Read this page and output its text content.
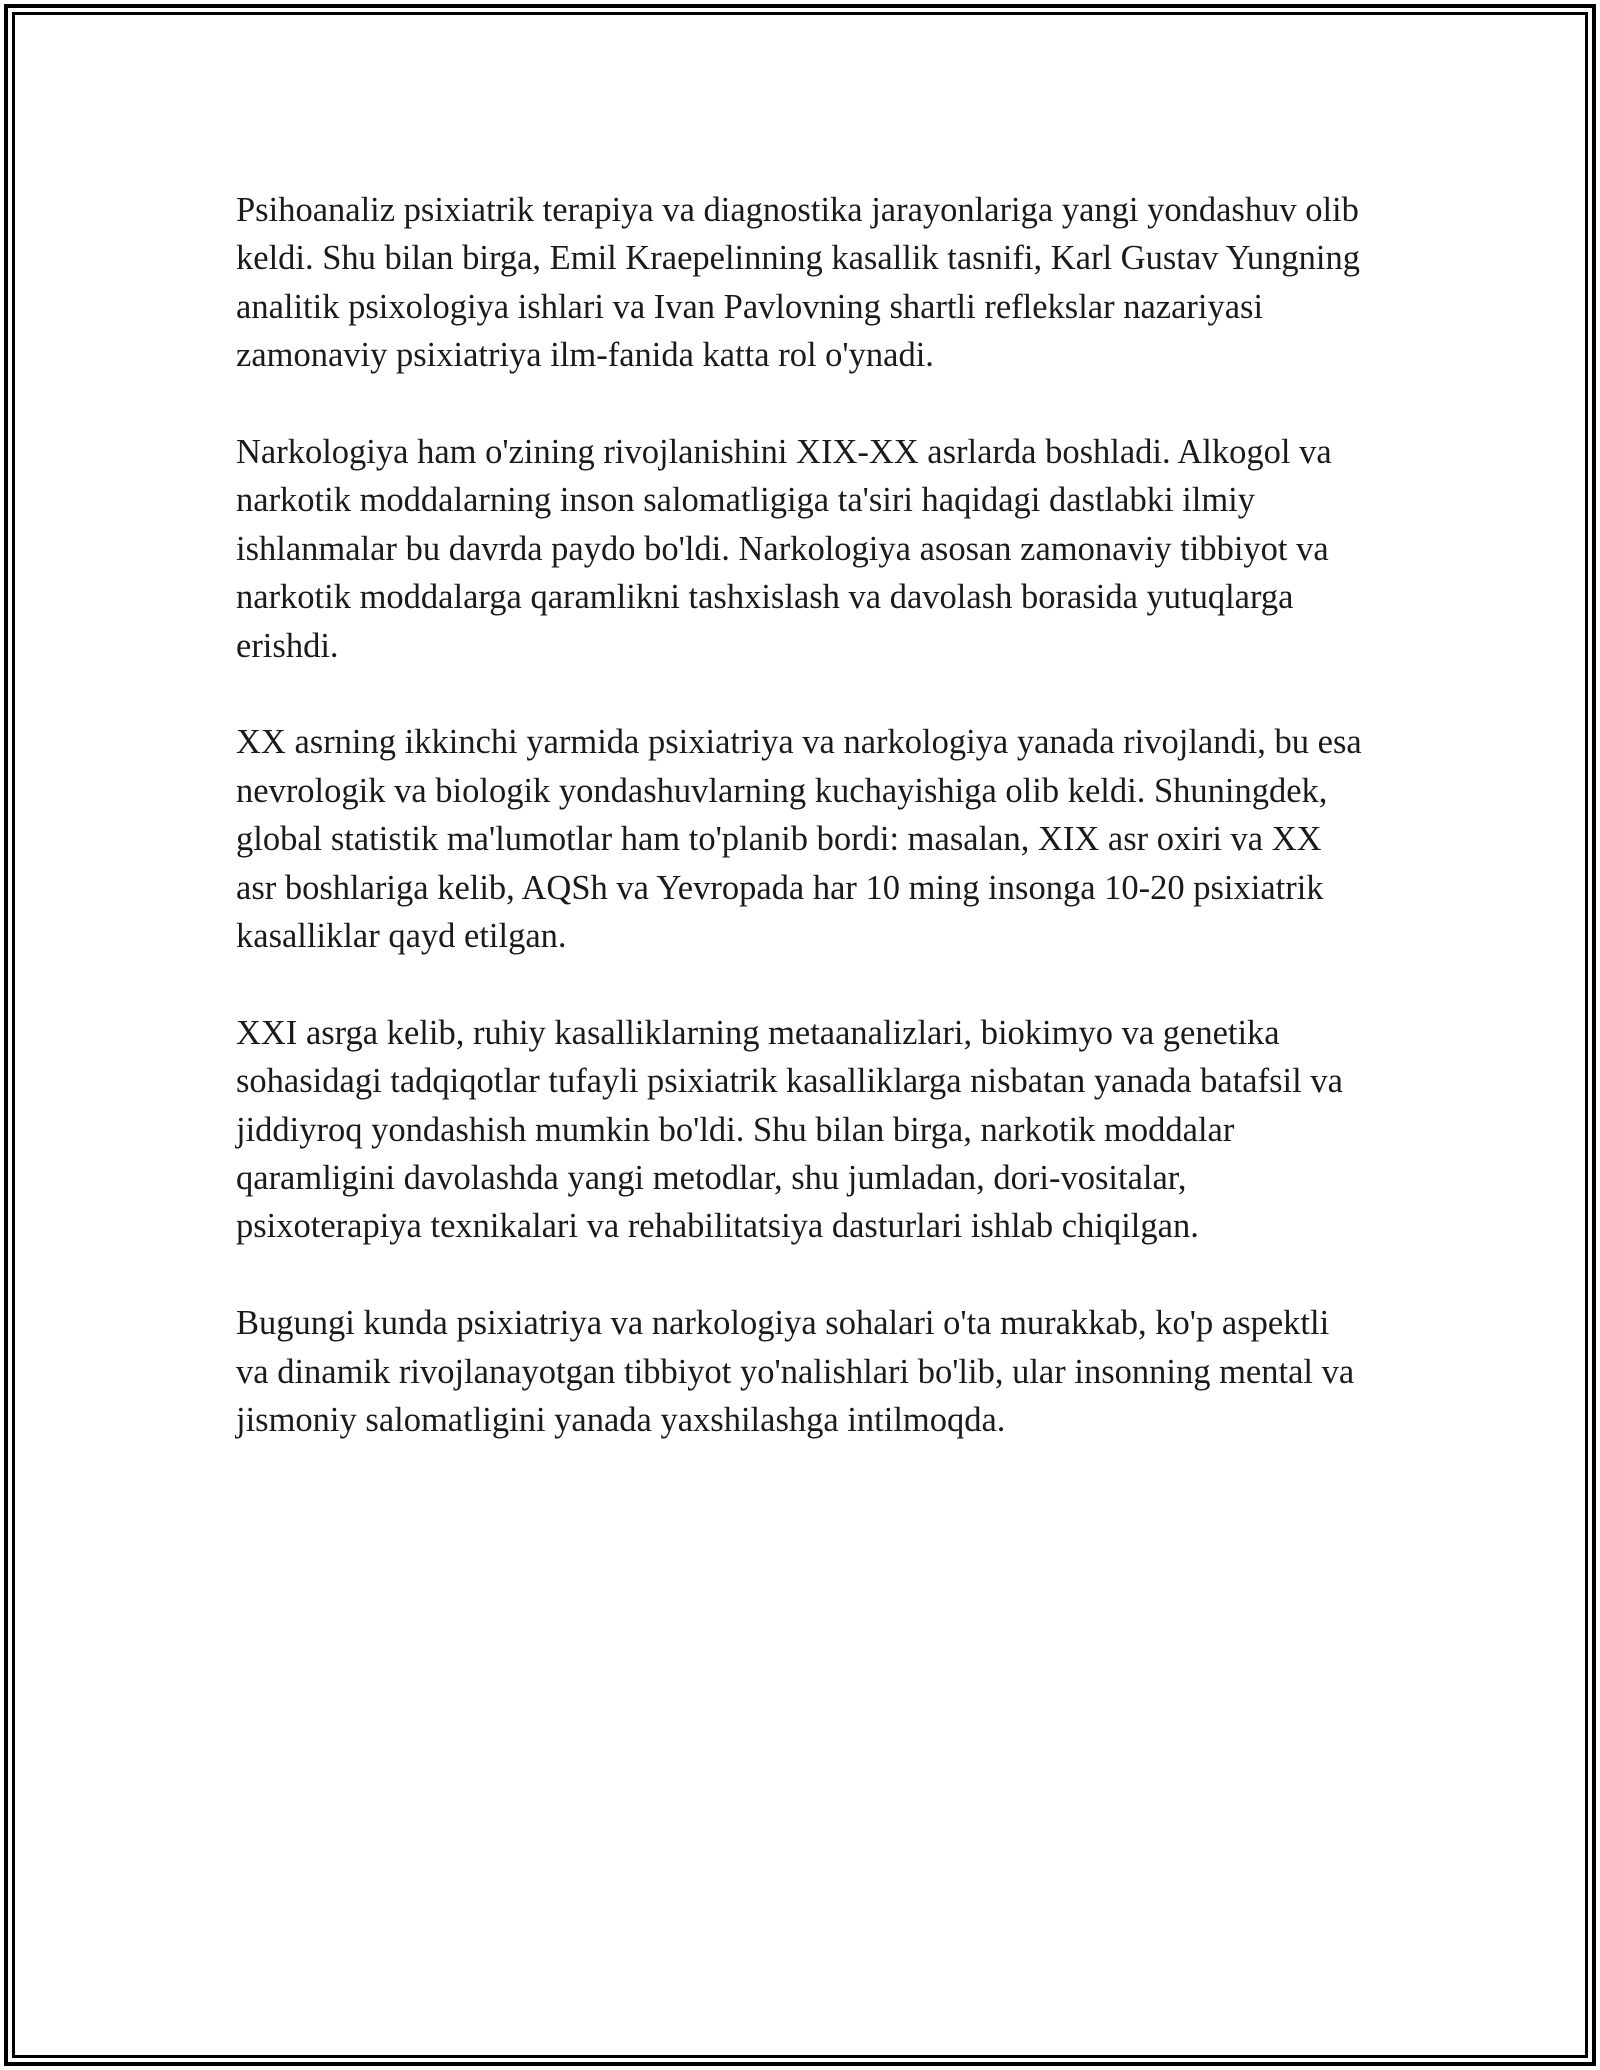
Psihoanaliz psixiatrik terapiya va diagnostika jarayonlariga yangi yondashuv olib keldi. Shu bilan birga, Emil Kraepelinning kasallik tasnifi, Karl Gustav Yungning analitik psixologiya ishlari va Ivan Pavlovning shartli reflekslar nazariyasi zamonaviy psixiatriya ilm-fanida katta rol o'ynadi.

Narkologiya ham o'zining rivojlanishini XIX-XX asrlarda boshladi. Alkogol va narkotik moddalarning inson salomatligiga ta'siri haqidagi dastlabki ilmiy ishlanmalar bu davrda paydo bo'ldi. Narkologiya asosan zamonaviy tibbiyot va narkotik moddalarga qaramlikni tashxislash va davolash borasida yutuqlarga erishdi.

XX asrning ikkinchi yarmida psixiatriya va narkologiya yanada rivojlandi, bu esa nevrologik va biologik yondashuvlarning kuchayishiga olib keldi. Shuningdek, global statistik ma'lumotlar ham to'planib bordi: masalan, XIX asr oxiri va XX asr boshlariga kelib, AQSh va Yevropada har 10 ming insonga 10-20 psixiatrik kasalliklar qayd etilgan.

XXI asrga kelib, ruhiy kasalliklarning metaanalizlari, biokimyo va genetika sohasidagi tadqiqotlar tufayli psixiatrik kasalliklarga nisbatan yanada batafsil va jiddiyroq yondashish mumkin bo'ldi. Shu bilan birga, narkotik moddalar qaramligini davolashda yangi metodlar, shu jumladan, dori-vositalar, psixoterapiya texnikalari va rehabilitatsiya dasturlari ishlab chiqilgan.

Bugungi kunda psixiatriya va narkologiya sohalari o'ta murakkab, ko'p aspektli va dinamik rivojlanayotgan tibbiyot yo'nalishlari bo'lib, ular insonning mental va jismoniy salomatligini yanada yaxshilashga intilmoqda.
